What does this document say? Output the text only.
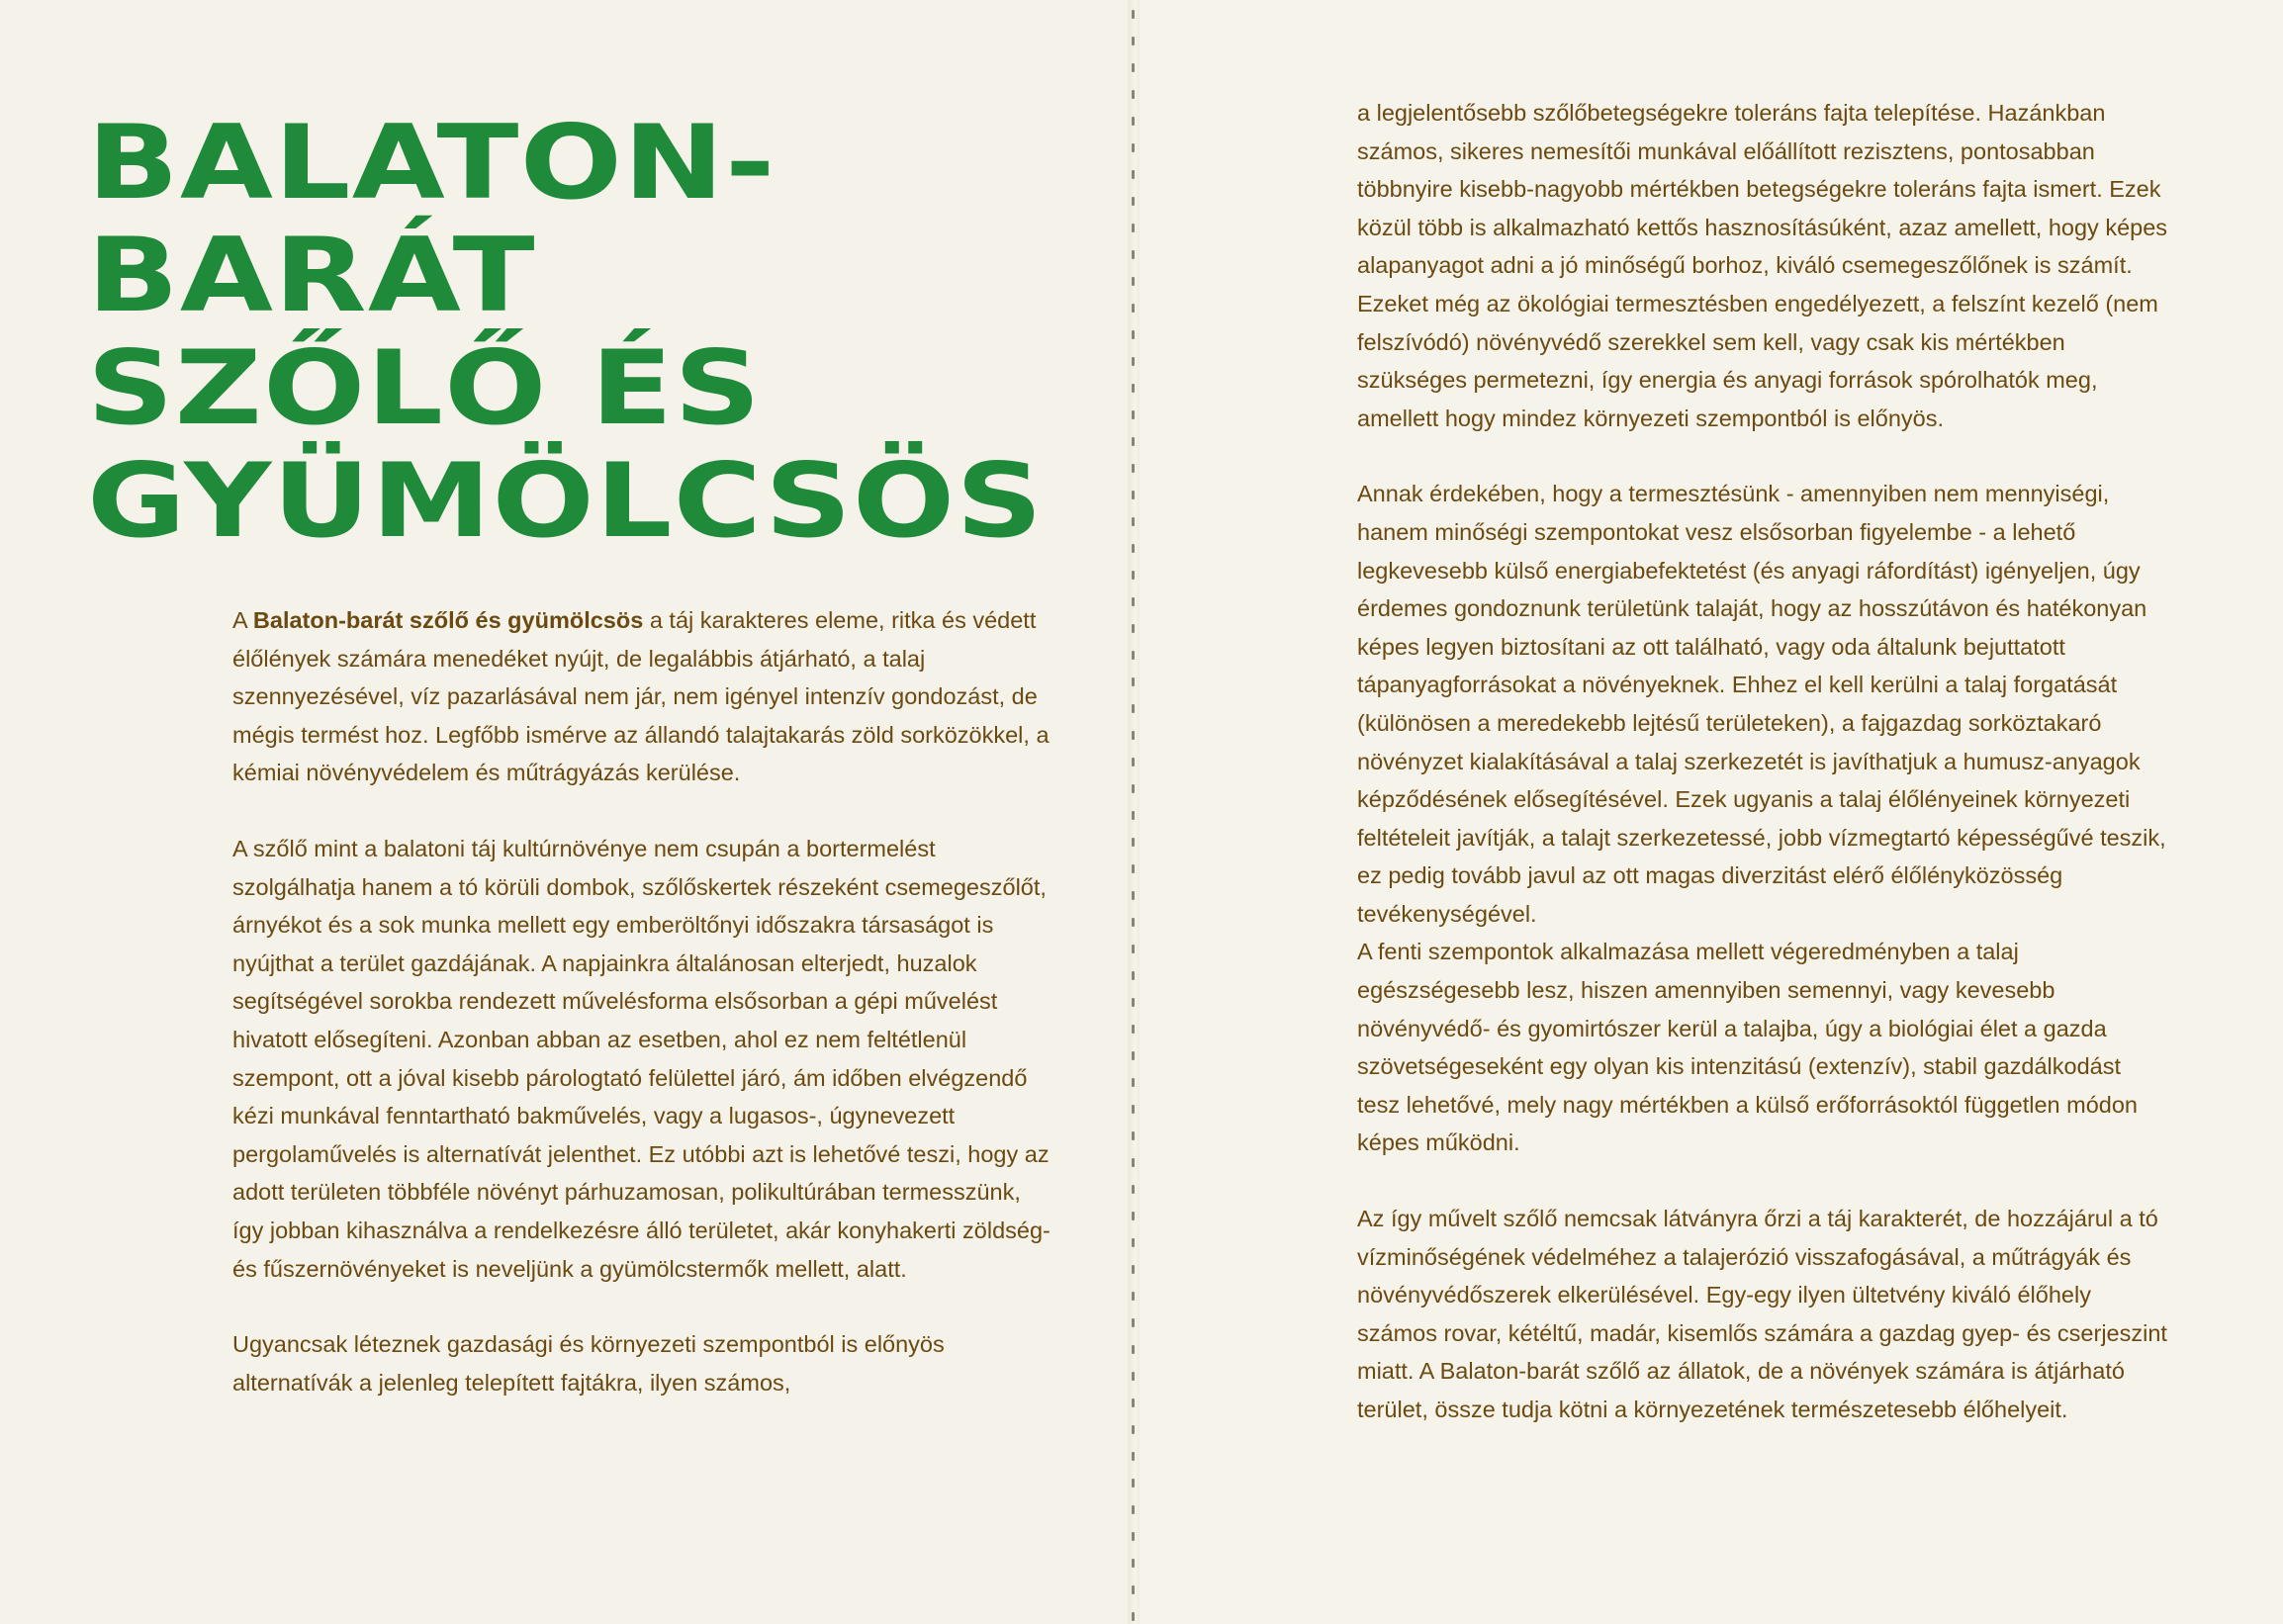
BALATON-
BARÁT
SZŐLŐ ÉS
GYÜMÖLCSÖS

A Balaton-barát szőlő és gyümölcsös a táj karakteres eleme, ritka és védett élőlények számára menedéket nyújt, de legalábbis átjárható, a talaj szennyezésével, víz pazarlásával nem jár, nem igényel intenzív gondozást, de mégis termést hoz. Legfőbb ismérve az állandó talajtakarás zöld sorközökkel, a kémiai növényvédelem és műtrágyázás kerülése.

A szőlő mint a balatoni táj kultúrnövénye nem csupán a bortermelést szolgálhatja hanem a tó körüli dombok, szőlőskertek részeként csemegeszőlőt, árnyékot és a sok munka mellett egy emberöltőnyi időszakra társaságot is nyújthat a terület gazdájának. A napjainkra általánosan elterjedt, huzalok segítségével sorokba rendezett művelésforma elsősorban a gépi művelést hivatott elősegíteni. Azonban abban az esetben, ahol ez nem feltétlenül szempont, ott a jóval kisebb párologtató felülettel járó, ám időben elvégzendő kézi munkával fenntartható bakművelés, vagy a lugasos-, úgynevezett pergolaművelés is alternatívát jelenthet. Ez utóbbi azt is lehetővé teszi, hogy az adott területen többféle növényt párhuzamosan, polikultúrában termesszünk, így jobban kihasználva a rendelkezésre álló területet, akár konyhakerti zöldség- és fűszernövényeket is neveljünk a gyümölcstermők mellett, alatt.

Ugyancsak léteznek gazdasági és környezeti szempontból is előnyös alternatívák a jelenleg telepített fajtákra, ilyen számos,

a legjelentősebb szőlőbetegségekre toleráns fajta telepítése. Hazánkban számos, sikeres nemesítői munkával előállított rezisztens, pontosabban többnyire kisebb-nagyobb mértékben betegségekre toleráns fajta ismert. Ezek közül több is alkalmazható kettős hasznosításúként, azaz amellett, hogy képes alapanyagot adni a jó minőségű borhoz, kiváló csemegeszőlőnek is számít. Ezeket még az ökológiai termesztésben engedélyezett, a felszínt kezelő (nem felszívódó) növényvédő szerekkel sem kell, vagy csak kis mértékben szükséges permetezni, így energia és anyagi források spórolhatók meg, amellett hogy mindez környezeti szempontból is előnyös.

Annak érdekében, hogy a termesztésünk - amennyiben nem mennyiségi, hanem minőségi szempontokat vesz elsősorban figyelembe - a lehető legkevesebb külső energiabefektetést (és anyagi ráfordítást) igényeljen, úgy érdemes gondoznunk területünk talaját, hogy az hosszútávon és hatékonyan képes legyen biztosítani az ott található, vagy oda általunk bejuttatott tápanyagforrásokat a növényeknek. Ehhez el kell kerülni a talaj forgatását (különösen a meredekebb lejtésű területeken), a fajgazdag sorköztakaró növényzet kialakításával a talaj szerkezetét is javíthatjuk a humusz-anyagok képződésének elősegítésével. Ezek ugyanis a talaj élőlényeinek környezeti feltételeit javítják, a talajt szerkezetessé, jobb vízmegtartó képességűvé teszik, ez pedig tovább javul az ott magas diverzitást elérő élőlényközösség tevékenységével.

A fenti szempontok alkalmazása mellett végeredményben a talaj egészségesebb lesz, hiszen amennyiben semennyi, vagy kevesebb növényvédő- és gyomirtószer kerül a talajba, úgy a biológiai élet a gazda szövetségeseként egy olyan kis intenzitású (extenzív), stabil gazdálkodást tesz lehetővé, mely nagy mértékben a külső erőforrásoktól független módon képes működni.

Az így művelt szőlő nemcsak látványra őrzi a táj karakterét, de hozzájárul a tó vízminőségének védelméhez a talajerózió visszafogásával, a műtrágyák és növényvédőszerek elkerülésével. Egy-egy ilyen ültetvény kiváló élőhely számos rovar, kétéltű, madár, kisemlős számára a gazdag gyep- és cserjeszint miatt. A Balaton-barát szőlő az állatok, de a növények számára is átjárható terület, össze tudja kötni a környezetének természetesebb élőhelyeit.
